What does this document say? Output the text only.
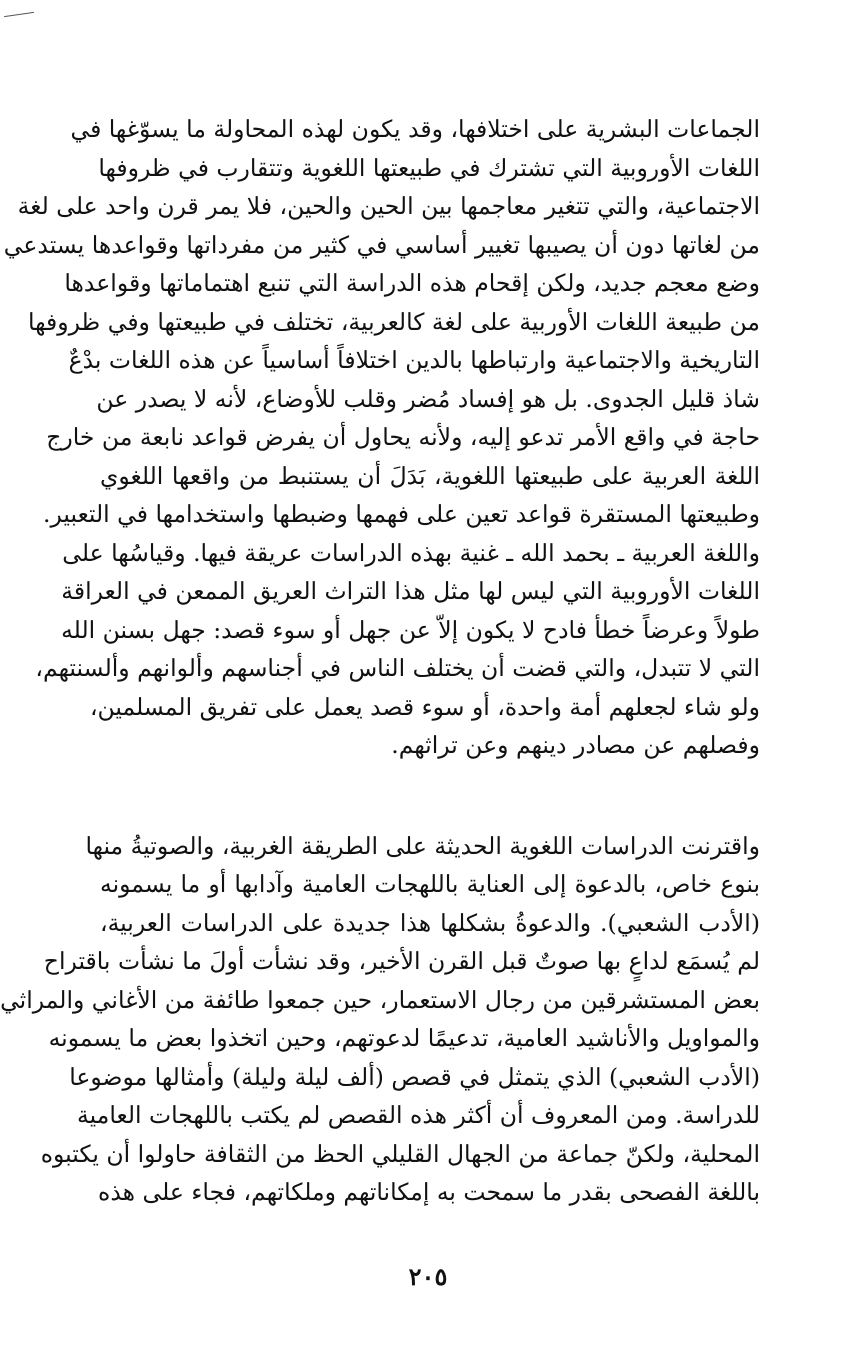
الجماعات البشرية على اختلافها، وقد يكون لهذه المحاولة ما يسوّغها في
اللغات الأوروبية التي تشترك في طبيعتها اللغوية وتتقارب في ظروفها
الاجتماعية، والتي تتغير معاجمها بين الحين والحين، فلا يمر قرن واحد على لغة
من لغاتها دون أن يصيبها تغيير أساسي في كثير من مفرداتها وقواعدها يستدعي
وضع معجم جديد، ولكن إقحام هذه الدراسة التي تنبع اهتماماتها وقواعدها
من طبيعة اللغات الأوربية على لغة كالعربية، تختلف في طبيعتها وفي ظروفها
التاريخية والاجتماعية وارتباطها بالدين اختلافاً أساسياً عن هذه اللغات بدْعٌ
شاذ قليل الجدوى. بل هو إفساد مُضر وقلب للأوضاع، لأنه لا يصدر عن
حاجة في واقع الأمر تدعو إليه، ولأنه يحاول أن يفرض قواعد نابعة من خارج
اللغة العربية على طبيعتها اللغوية، بَدَلَ أن يستنبط من واقعها اللغوي
وطبيعتها المستقرة قواعد تعين على فهمها وضبطها واستخدامها في التعبير.
واللغة العربية ـ بحمد الله ـ غنية بهذه الدراسات عريقة فيها. وقياسُها على
اللغات الأوروبية التي ليس لها مثل هذا التراث العريق الممعن في العراقة
طولاً وعرضاً خطأ فادح لا يكون إلاّ عن جهل أو سوء قصد: جهل بسنن الله
التي لا تتبدل، والتي قضت أن يختلف الناس في أجناسهم وألوانهم وألسنتهم،
ولو شاء لجعلهم أمة واحدة، أو سوء قصد يعمل على تفريق المسلمين،
وفصلهم عن مصادر دينهم وعن تراثهم.
واقترنت الدراسات اللغوية الحديثة على الطريقة الغربية، والصوتيةُ منها
بنوع خاص، بالدعوة إلى العناية باللهجات العامية وآدابها أو ما يسمونه
(الأدب الشعبي). والدعوةُ بشكلها هذا جديدة على الدراسات العربية،
لم يُسمَع لداعٍ بها صوتٌ قبل القرن الأخير، وقد نشأت أولَ ما نشأت باقتراح
بعض المستشرقين من رجال الاستعمار، حين جمعوا طائفة من الأغاني والمراثي
والمواويل والأناشيد العامية، تدعيمًا لدعوتهم، وحين اتخذوا بعض ما يسمونه
(الأدب الشعبي) الذي يتمثل في قصص (ألف ليلة وليلة) وأمثالها موضوعا
للدراسة. ومن المعروف أن أكثر هذه القصص لم يكتب باللهجات العامية
المحلية، ولكنّ جماعة من الجهال القليلي الحظ من الثقافة حاولوا أن يكتبوه
باللغة الفصحى بقدر ما سمحت به إمكاناتهم وملكاتهم، فجاء على هذه
٢٠٥
